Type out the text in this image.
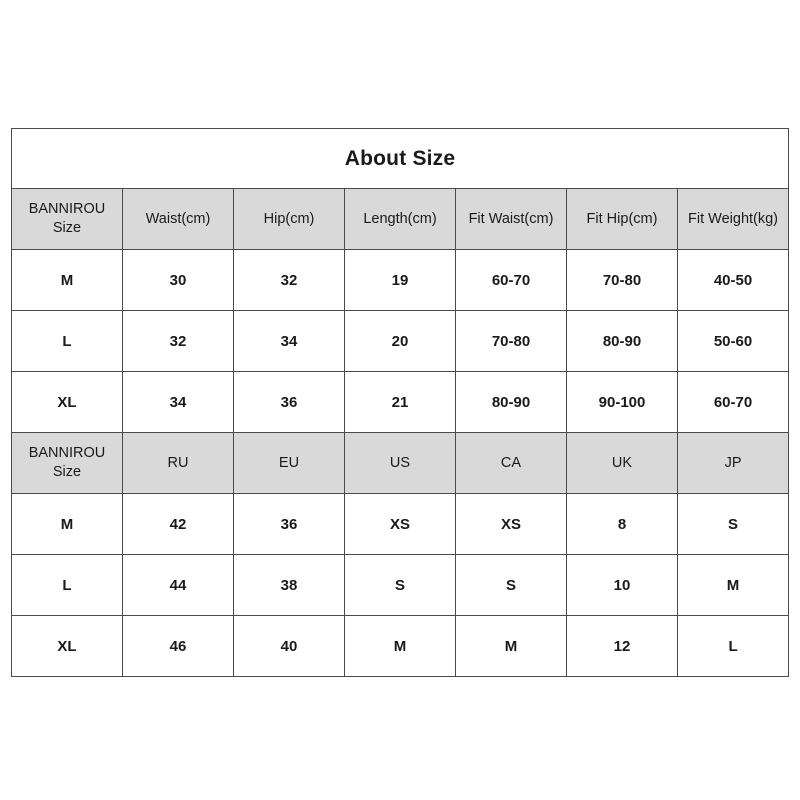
About Size						
BANNIROU
Size	Waist(cm)	Hip(cm)	Length(cm)	Fit Waist(cm)	Fit Hip(cm)	Fit Weight(kg)
M	30	32	19	60-70	70-80	40-50
L	32	34	20	70-80	80-90	50-60
XL	34	36	21	80-90	90-100	60-70
BANNIROU
Size	RU	EU	US	CA	UK	JP
M	42	36	XS	XS	8	S
L	44	38	S	S	10	M
XL	46	40	M	M	12	L
